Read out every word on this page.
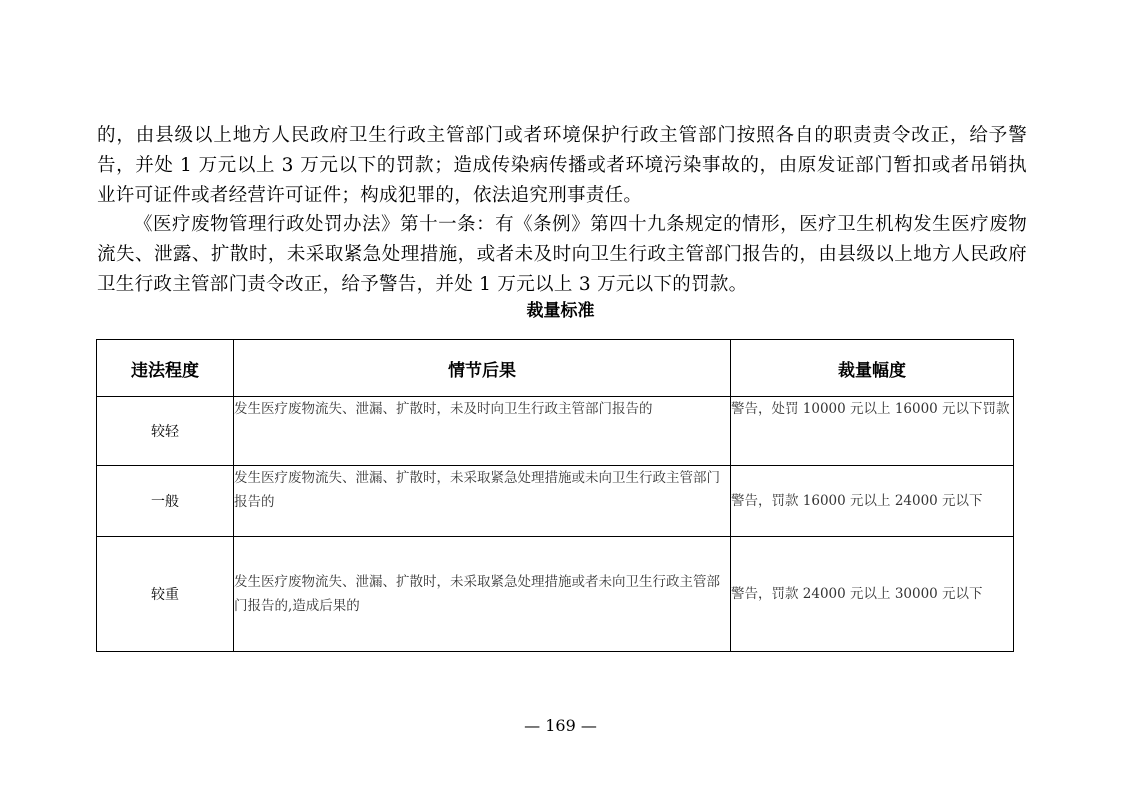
的，由县级以上地方人民政府卫生行政主管部门或者环境保护行政主管部门按照各自的职责责令改正，给予警告，并处 1 万元以上 3 万元以下的罚款；造成传染病传播或者环境污染事故的，由原发证部门暂扣或者吊销执业许可证件或者经营许可证件；构成犯罪的，依法追究刑事责任。

《医疗废物管理行政处罚办法》第十一条：有《条例》第四十九条规定的情形，医疗卫生机构发生医疗废物流失、泄露、扩散时，未采取紧急处理措施，或者未及时向卫生行政主管部门报告的，由县级以上地方人民政府卫生行政主管部门责令改正，给予警告，并处 1 万元以上 3 万元以下的罚款。

裁量标准
违法程度	情节后果	裁量幅度
较轻	发生医疗废物流失、泄漏、扩散时，未及时向卫生行政主管部门报告的	警告，处罚 10000 元以上 16000 元以下罚款
一般	发生医疗废物流失、泄漏、扩散时，未采取紧急处理措施或未向卫生行政主管部门报告的	警告，罚款 16000 元以上 24000 元以下
较重	发生医疗废物流失、泄漏、扩散时，未采取紧急处理措施或者未向卫生行政主管部门报告的,造成后果的	警告，罚款 24000 元以上 30000 元以下
— 169 —
